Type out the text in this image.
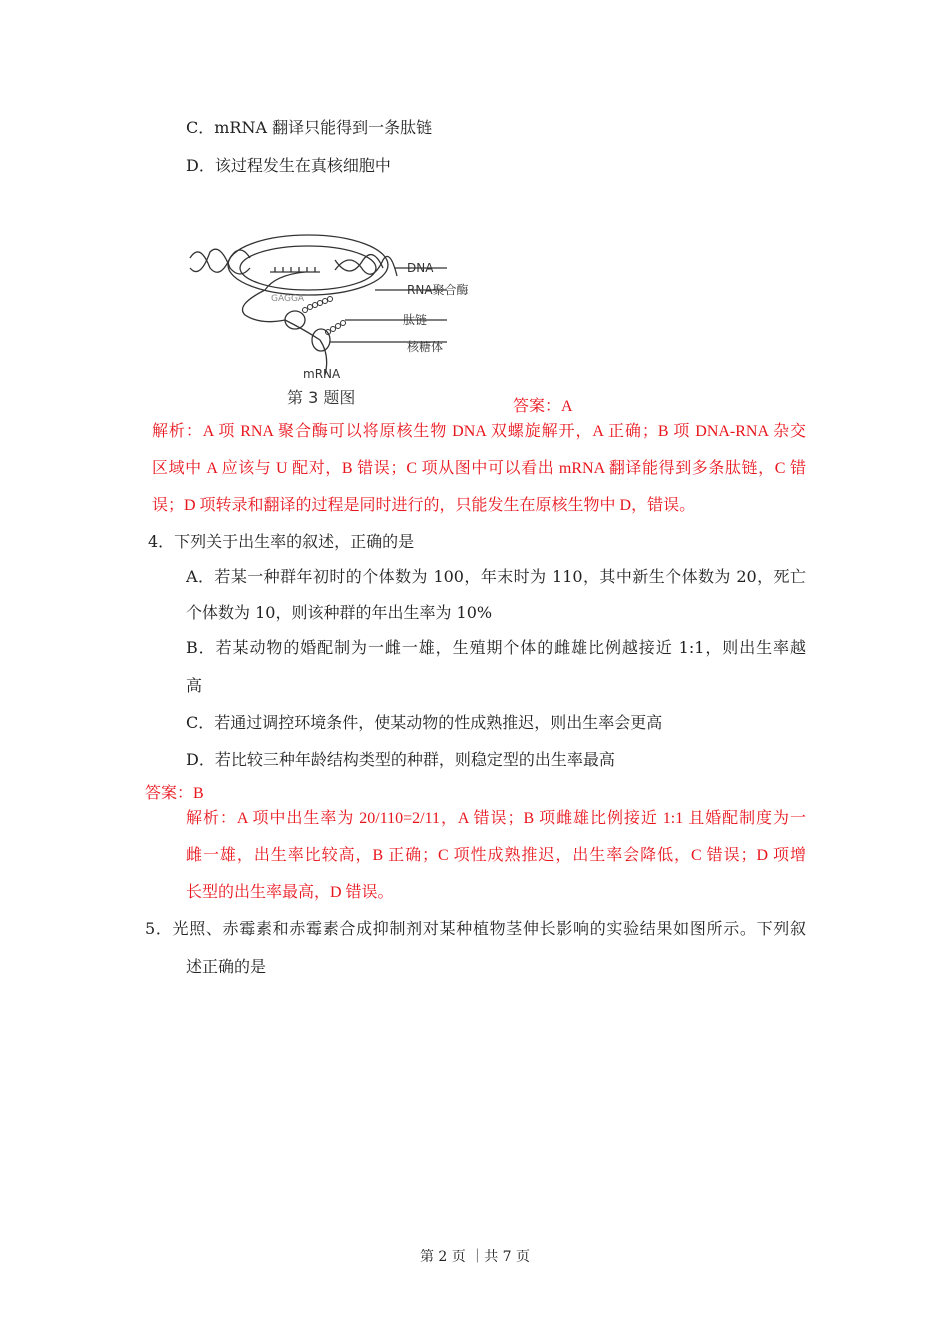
C．mRNA 翻译只能得到一条肽链
D．该过程发生在真核细胞中
GAGGA
DNA
RNA聚合酶
肽链
核糖体
mRNA
第 3 题图	答案：A
解析：A 项 RNA 聚合酶可以将原核生物 DNA 双螺旋解开，A 正确；B 项 DNA-RNA 杂交
区域中 A 应该与 U 配对，B 错误；C 项从图中可以看出 mRNA 翻译能得到多条肽链，C 错
误；D 项转录和翻译的过程是同时进行的，只能发生在原核生物中 D，错误。
4．下列关于出生率的叙述，正确的是
A．若某一种群年初时的个体数为 100，年末时为 110，其中新生个体数为 20，死亡
个体数为 10，则该种群的年出生率为 10%
B．若某动物的婚配制为一雌一雄，生殖期个体的雌雄比例越接近 1:1，则出生率越
高
C．若通过调控环境条件，使某动物的性成熟推迟，则出生率会更高
D．若比较三种年龄结构类型的种群，则稳定型的出生率最高
答案：B
解析：A 项中出生率为 20/110=2/11，A 错误；B 项雌雄比例接近 1:1 且婚配制度为一
雌一雄，出生率比较高，B 正确；C 项性成熟推迟，出生率会降低，C 错误；D 项增
长型的出生率最高，D 错误。
5．光照、赤霉素和赤霉素合成抑制剂对某种植物茎伸长影响的实验结果如图所示。下列叙
述正确的是
第 2 页 ｜共 7 页
